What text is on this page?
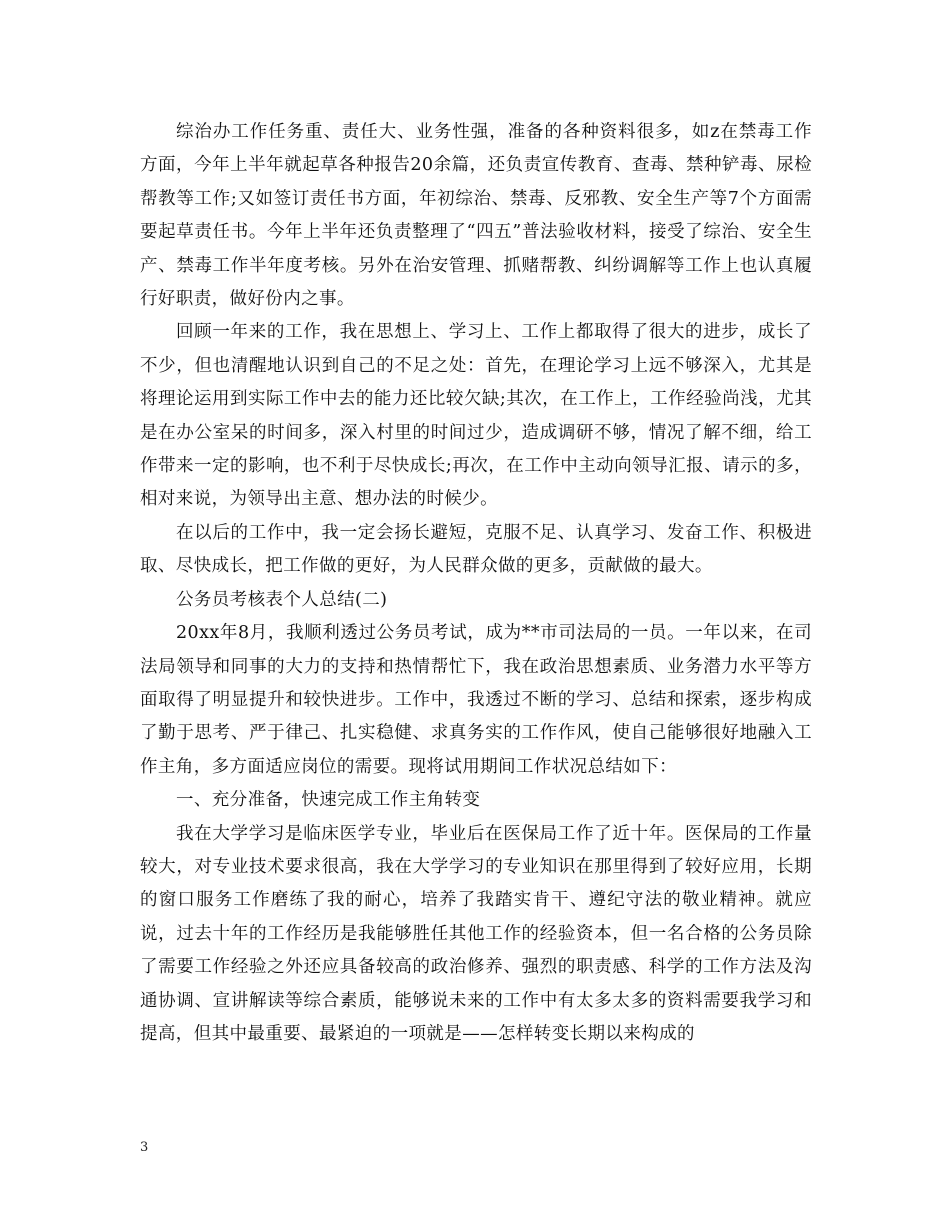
综治办工作任务重、责任大、业务性强，准备的各种资料很多，如z在禁毒工作方面，今年上半年就起草各种报告20余篇，还负责宣传教育、查毒、禁种铲毒、尿检帮教等工作;又如签订责任书方面，年初综治、禁毒、反邪教、安全生产等7个方面需要起草责任书。今年上半年还负责整理了“四五”普法验收材料，接受了综治、安全生产、禁毒工作半年度考核。另外在治安管理、抓赌帮教、纠纷调解等工作上也认真履行好职责，做好份内之事。

回顾一年来的工作，我在思想上、学习上、工作上都取得了很大的进步，成长了不少，但也清醒地认识到自己的不足之处：首先，在理论学习上远不够深入，尤其是将理论运用到实际工作中去的能力还比较欠缺;其次，在工作上，工作经验尚浅，尤其是在办公室呆的时间多，深入村里的时间过少，造成调研不够，情况了解不细，给工作带来一定的影响，也不利于尽快成长;再次，在工作中主动向领导汇报、请示的多，相对来说，为领导出主意、想办法的时候少。

在以后的工作中，我一定会扬长避短，克服不足、认真学习、发奋工作、积极进取、尽快成长，把工作做的更好，为人民群众做的更多，贡献做的最大。

公务员考核表个人总结(二)

20xx年8月，我顺利透过公务员考试，成为**市司法局的一员。一年以来，在司法局领导和同事的大力的支持和热情帮忙下，我在政治思想素质、业务潜力水平等方面取得了明显提升和较快进步。工作中，我透过不断的学习、总结和探索，逐步构成了勤于思考、严于律己、扎实稳健、求真务实的工作作风，使自己能够很好地融入工作主角，多方面适应岗位的需要。现将试用期间工作状况总结如下：

一、充分准备，快速完成工作主角转变

我在大学学习是临床医学专业，毕业后在医保局工作了近十年。医保局的工作量较大，对专业技术要求很高，我在大学学习的专业知识在那里得到了较好应用，长期的窗口服务工作磨练了我的耐心，培养了我踏实肯干、遵纪守法的敬业精神。就应说，过去十年的工作经历是我能够胜任其他工作的经验资本，但一名合格的公务员除了需要工作经验之外还应具备较高的政治修养、强烈的职责感、科学的工作方法及沟通协调、宣讲解读等综合素质，能够说未来的工作中有太多太多的资料需要我学习和提高，但其中最重要、最紧迫的一项就是——怎样转变长期以来构成的

3
